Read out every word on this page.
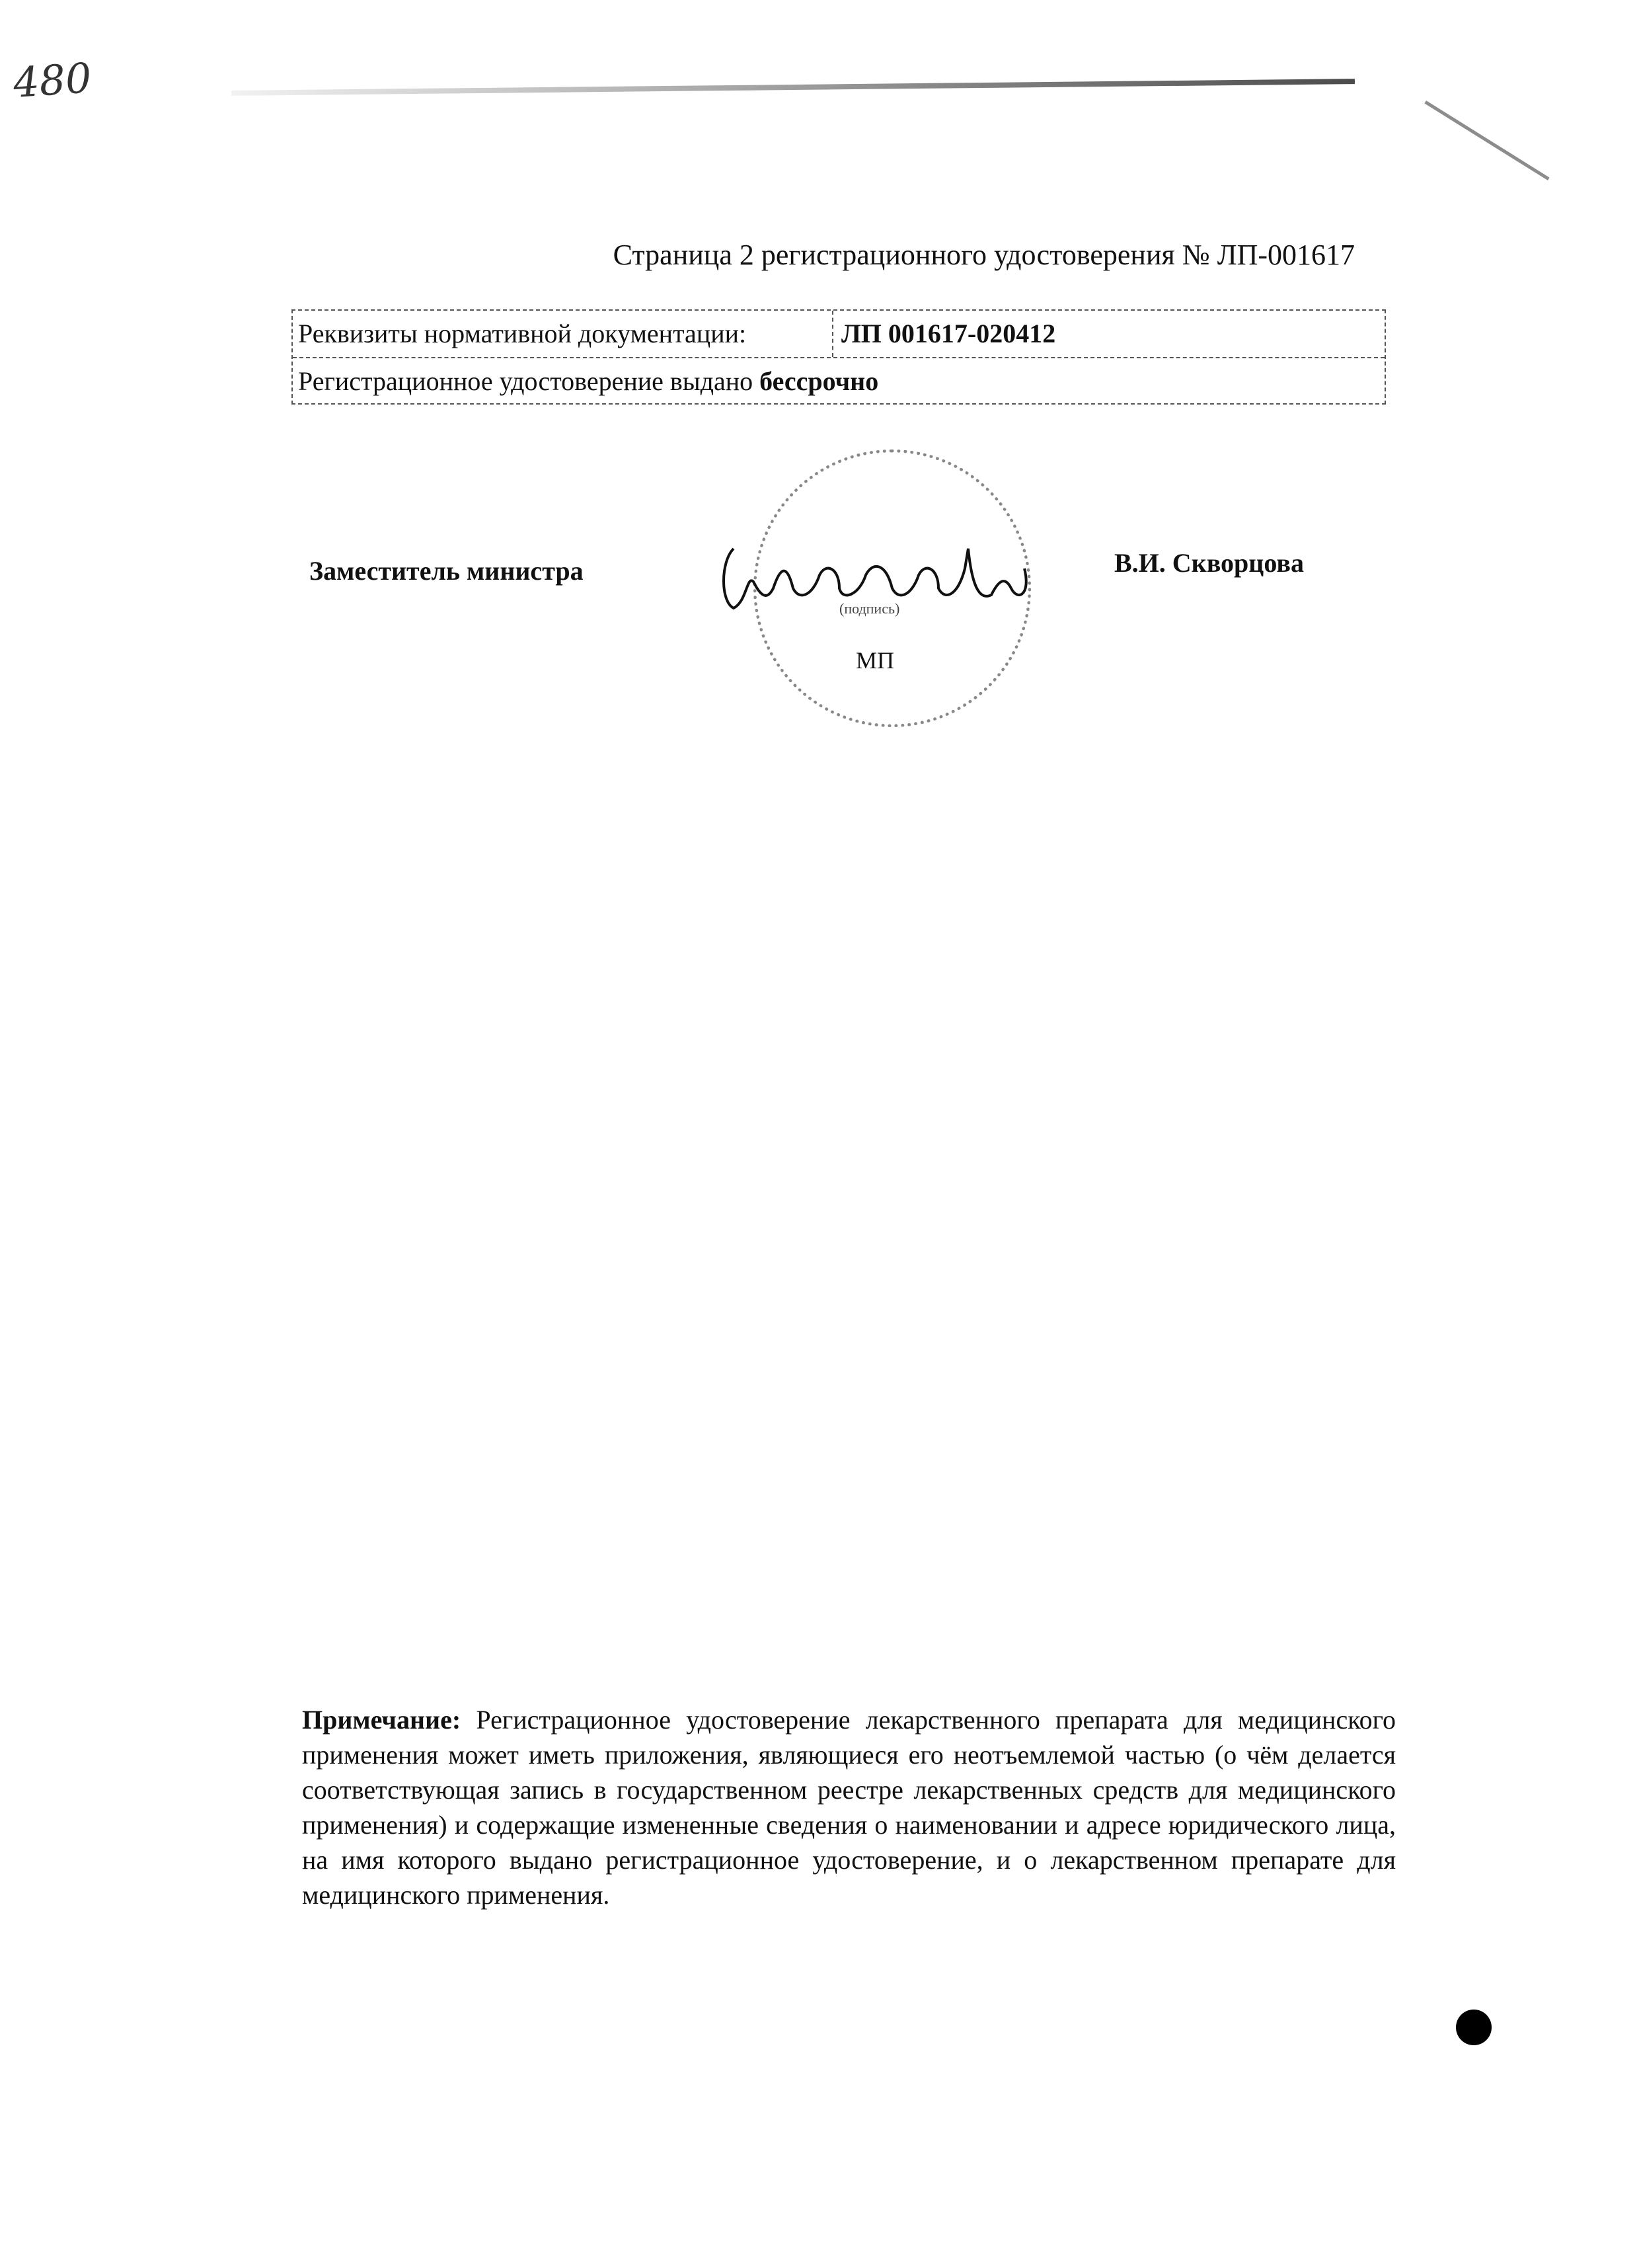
480
Страница 2 регистрационного удостоверения № ЛП-001617
Реквизиты нормативной документации:	ЛП 001617-020412
Регистрационное удостоверение выдано бессрочно
(подпись)
МП
Заместитель министра	В.И. Скворцова
Примечание: Регистрационное удостоверение лекарственного препарата для медицинского применения может иметь приложения, являющиеся его неотъемлемой частью (о чём делается соответствующая запись в государственном реестре лекарственных средств для медицинского применения) и содержащие измененные сведения о наименовании и адресе юридического лица, на имя которого выдано регистрационное удостоверение, и о лекарственном препарате для медицинского применения.
